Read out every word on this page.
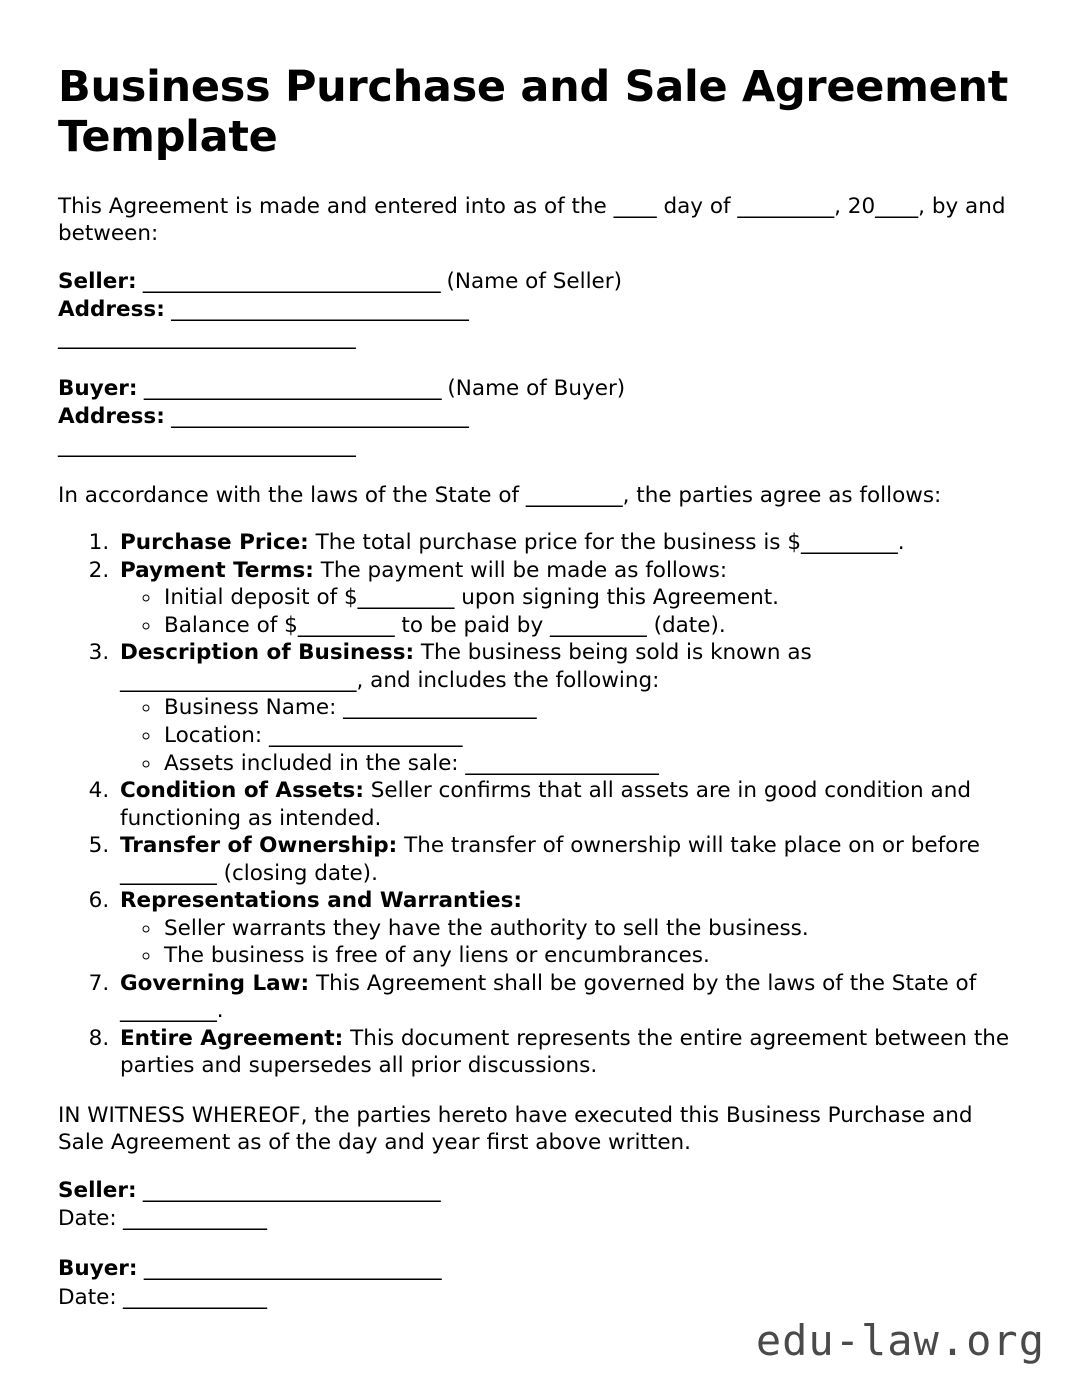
Business Purchase and Sale Agreement Template

This Agreement is made and entered into as of the ____ day of _________, 20____, by and between:

Seller: _____________________________ (Name of Seller)
Address: _____________________________
_____________________________
Buyer: _____________________________ (Name of Buyer)
Address: _____________________________
_____________________________

In accordance with the laws of the State of _________, the parties agree as follows:

1. Purchase Price: The total purchase price for the business is $_________.
2. Payment Terms: The payment will be made as follows:
◦ Initial deposit of $_________ upon signing this Agreement.
◦ Balance of $_________ to be paid by _________ (date).
3. Description of Business: The business being sold is known as ______________________, and includes the following:
◦ Business Name: __________________
◦ Location: __________________
◦ Assets included in the sale: __________________
4. Condition of Assets: Seller confirms that all assets are in good condition and functioning as intended.
5. Transfer of Ownership: The transfer of ownership will take place on or before _________ (closing date).
6. Representations and Warranties:
◦ Seller warrants they have the authority to sell the business.
◦ The business is free of any liens or encumbrances.
7. Governing Law: This Agreement shall be governed by the laws of the State of _________.
8. Entire Agreement: This document represents the entire agreement between the parties and supersedes all prior discussions.

IN WITNESS WHEREOF, the parties hereto have executed this Business Purchase and Sale Agreement as of the day and year first above written.

Seller: _____________________________
Date: ______________
Buyer: _____________________________
Date: ______________
edu-law.org
